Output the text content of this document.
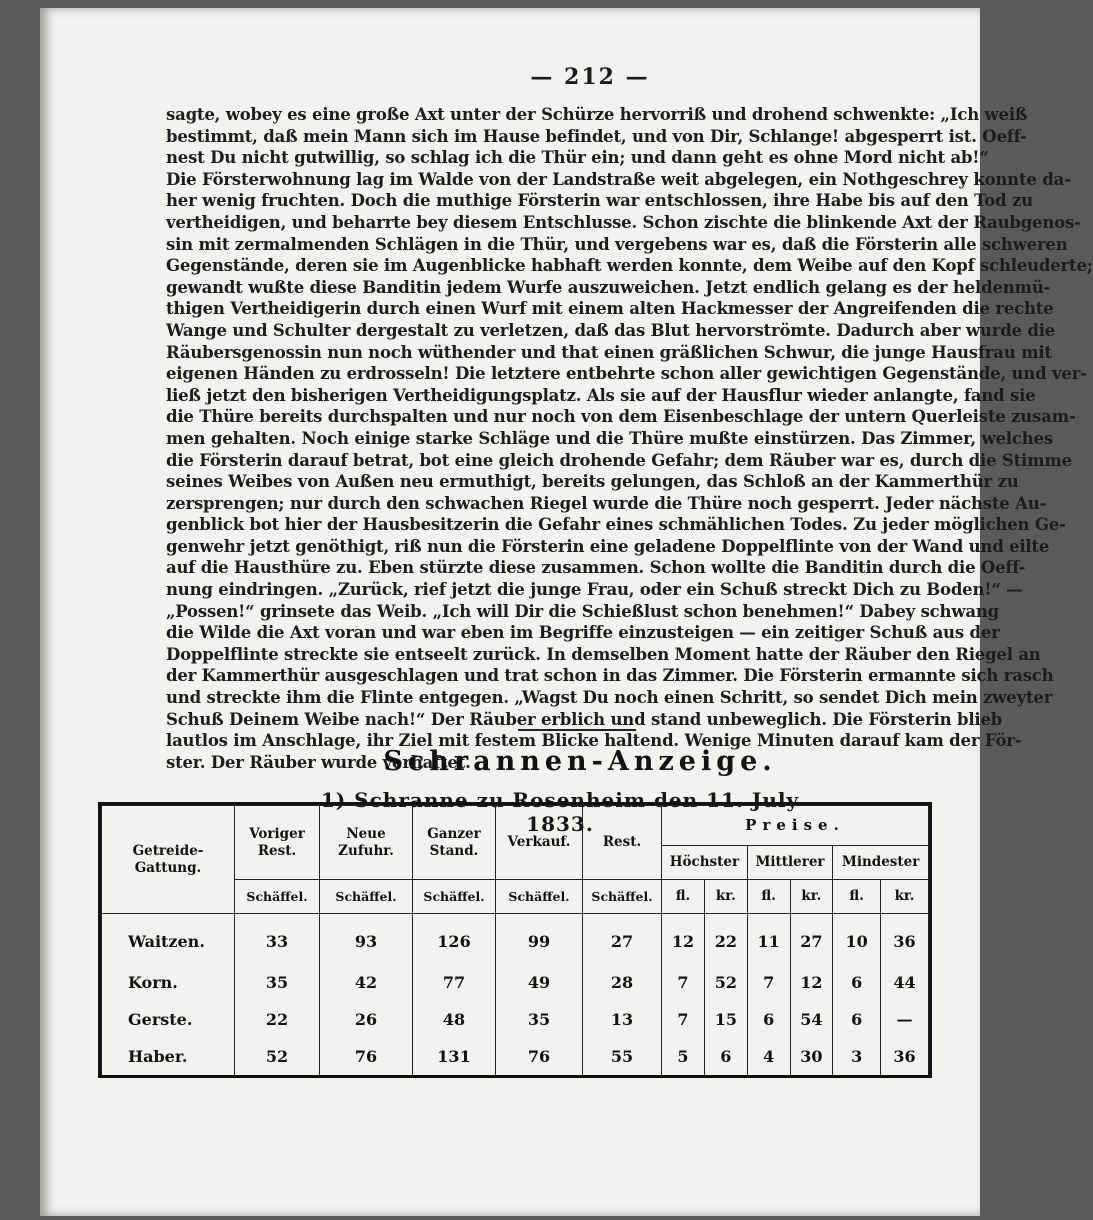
— 212 —
sagte, wobey es eine große Axt unter der Schürze hervorriß und drohend schwenkte: „Ich weiß
bestimmt, daß mein Mann sich im Hause befindet, und von Dir, Schlange! abgesperrt ist. Oeff-
nest Du nicht gutwillig, so schlag ich die Thür ein; und dann geht es ohne Mord nicht ab!“
Die Försterwohnung lag im Walde von der Landstraße weit abgelegen, ein Nothgeschrey konnte da-
her wenig fruchten. Doch die muthige Försterin war entschlossen, ihre Habe bis auf den Tod zu
vertheidigen, und beharrte bey diesem Entschlusse. Schon zischte die blinkende Axt der Raubgenos-
sin mit zermalmenden Schlägen in die Thür, und vergebens war es, daß die Försterin alle schweren
Gegenstände, deren sie im Augenblicke habhaft werden konnte, dem Weibe auf den Kopf schleuderte;
gewandt wußte diese Banditin jedem Wurfe auszuweichen. Jetzt endlich gelang es der heldenmü-
thigen Vertheidigerin durch einen Wurf mit einem alten Hackmesser der Angreifenden die rechte
Wange und Schulter dergestalt zu verletzen, daß das Blut hervorströmte. Dadurch aber wurde die
Räubersgenossin nun noch wüthender und that einen gräßlichen Schwur, die junge Hausfrau mit
eigenen Händen zu erdrosseln! Die letztere entbehrte schon aller gewichtigen Gegenstände, und ver-
ließ jetzt den bisherigen Vertheidigungsplatz. Als sie auf der Hausflur wieder anlangte, fand sie
die Thüre bereits durchspalten und nur noch von dem Eisenbeschlage der untern Querleiste zusam-
men gehalten. Noch einige starke Schläge und die Thüre mußte einstürzen. Das Zimmer, welches
die Försterin darauf betrat, bot eine gleich drohende Gefahr; dem Räuber war es, durch die Stimme
seines Weibes von Außen neu ermuthigt, bereits gelungen, das Schloß an der Kammerthür zu
zersprengen; nur durch den schwachen Riegel wurde die Thüre noch gesperrt. Jeder nächste Au-
genblick bot hier der Hausbesitzerin die Gefahr eines schmählichen Todes. Zu jeder möglichen Ge-
genwehr jetzt genöthigt, riß nun die Försterin eine geladene Doppelflinte von der Wand und eilte
auf die Hausthüre zu. Eben stürzte diese zusammen. Schon wollte die Banditin durch die Oeff-
nung eindringen. „Zurück, rief jetzt die junge Frau, oder ein Schuß streckt Dich zu Boden!“ —
„Possen!“ grinsete das Weib. „Ich will Dir die Schießlust schon benehmen!“ Dabey schwang
die Wilde die Axt voran und war eben im Begriffe einzusteigen — ein zeitiger Schuß aus der
Doppelflinte streckte sie entseelt zurück. In demselben Moment hatte der Räuber den Riegel an
der Kammerthür ausgeschlagen und trat schon in das Zimmer. Die Försterin ermannte sich rasch
und streckte ihm die Flinte entgegen. „Wagst Du noch einen Schritt, so sendet Dich mein zweyter
Schuß Deinem Weibe nach!“ Der Räuber erblich und stand unbeweglich. Die Försterin blieb
lautlos im Anschlage, ihr Ziel mit festem Blicke haltend. Wenige Minuten darauf kam der För-
ster. Der Räuber wurde verhaftet.
Schrannen-Anzeige.
1) Schranne zu Rosenheim den 11. July 1833.
Getreide-Gattung.	Voriger Rest.	Neue Zufuhr.	Ganzer Stand.	Verkauf.	Rest.	Preise.					
						Höchster		Mittlerer		Mindester	
	Schäffel.	Schäffel.	Schäffel.	Schäffel.	Schäffel.	fl.	kr.	fl.	kr.	fl.	kr.
Waitzen.	33	93	126	99	27	12	22	11	27	10	36
Korn.	35	42	77	49	28	7	52	7	12	6	44
Gerste.	22	26	48	35	13	7	15	6	54	6	—
Haber.	52	76	131	76	55	5	6	4	30	3	36
